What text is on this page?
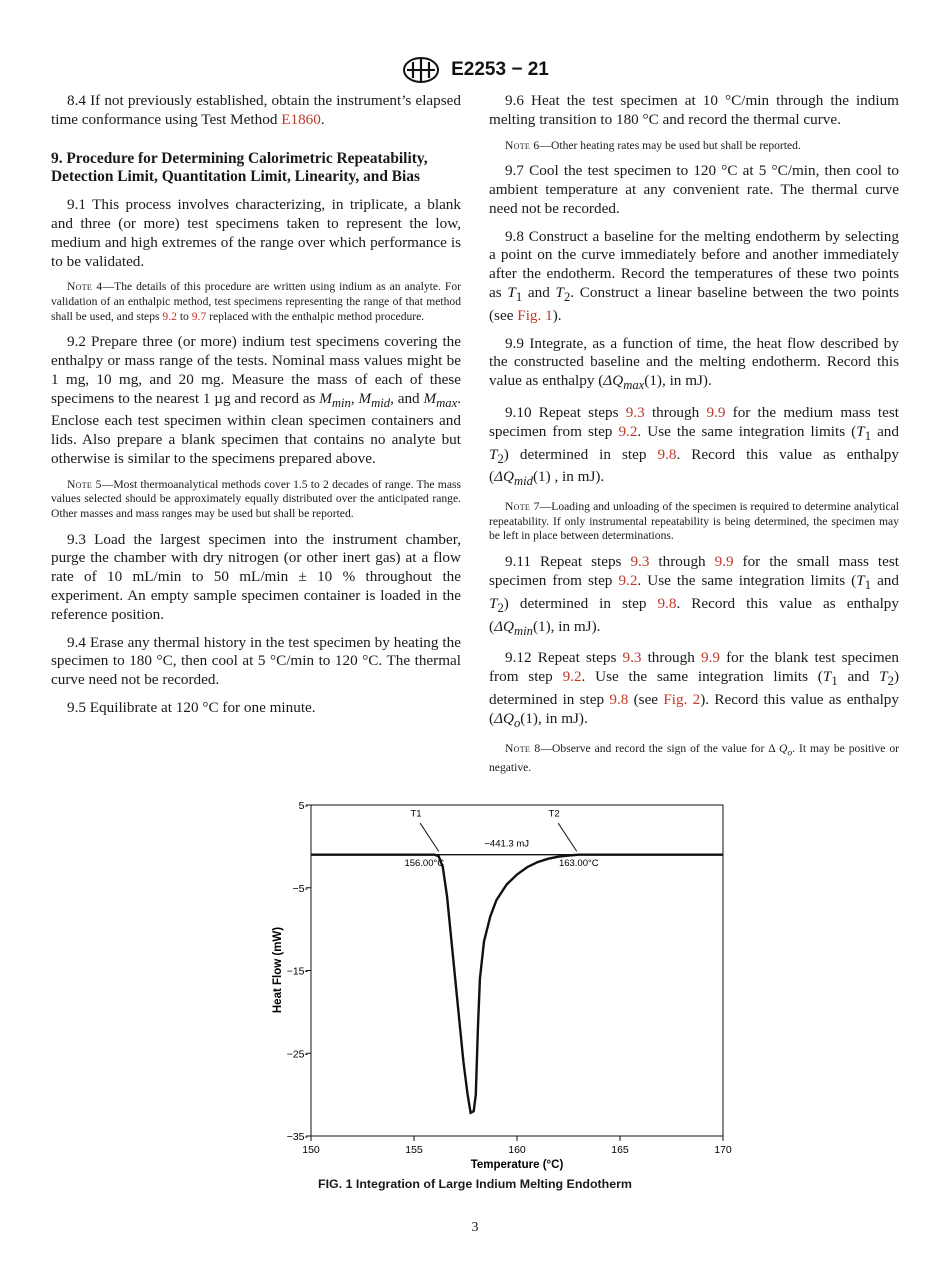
E2253 − 21

8.4 If not previously established, obtain the instrument’s elapsed time conformance using Test Method E1860.

9. Procedure for Determining Calorimetric Repeatability, Detection Limit, Quantitation Limit, Linearity, and Bias

9.1 This process involves characterizing, in triplicate, a blank and three (or more) test specimens taken to represent the low, medium and high extremes of the range over which performance is to be validated.

Note 4—The details of this procedure are written using indium as an analyte. For validation of an enthalpic method, test specimens representing the range of that method shall be used, and steps 9.2 to 9.7 replaced with the enthalpic method procedure.

9.2 Prepare three (or more) indium test specimens covering the enthalpy or mass range of the tests. Nominal mass values might be 1 mg, 10 mg, and 20 mg. Measure the mass of each of these specimens to the nearest 1 µg and record as $M_{min}$, $M_{mid}$, and $M_{max}$. Enclose each test specimen within clean specimen containers and lids. Also prepare a blank specimen that contains no analyte but otherwise is similar to the specimens prepared above.

Note 5—Most thermoanalytical methods cover 1.5 to 2 decades of range. The mass values selected should be approximately equally distributed over the anticipated range. Other masses and mass ranges may be used but shall be reported.

9.3 Load the largest specimen into the instrument chamber, purge the chamber with dry nitrogen (or other inert gas) at a flow rate of 10 mL/min to 50 mL/min ± 10 % throughout the experiment. An empty sample specimen container is loaded in the reference position.

9.4 Erase any thermal history in the test specimen by heating the specimen to 180 °C, then cool at 5 °C/min to 120 °C. The thermal curve need not be recorded.

9.5 Equilibrate at 120 °C for one minute.

9.6 Heat the test specimen at 10 °C/min through the indium melting transition to 180 °C and record the thermal curve.

Note 6—Other heating rates may be used but shall be reported.

9.7 Cool the test specimen to 120 °C at 5 °C/min, then cool to ambient temperature at any convenient rate. The thermal curve need not be recorded.

9.8 Construct a baseline for the melting endotherm by selecting a point on the curve immediately before and another immediately after the endotherm. Record the temperatures of these two points as $T_1$ and $T_2$. Construct a linear baseline between the two points (see Fig. 1).

9.9 Integrate, as a function of time, the heat flow described by the constructed baseline and the melting endotherm. Record this value as enthalpy ($\Delta Q_{max}(1)$, in mJ).

9.10 Repeat steps 9.3 through 9.9 for the medium mass test specimen from step 9.2. Use the same integration limits ($T_1$ and $T_2$) determined in step 9.8. Record this value as enthalpy ($\Delta Q_{mid}(1)$ , in mJ).

Note 7—Loading and unloading of the specimen is required to determine analytical repeatability. If only instrumental repeatability is being determined, the specimen may be left in place between determinations.

9.11 Repeat steps 9.3 through 9.9 for the small mass test specimen from step 9.2. Use the same integration limits ($T_1$ and $T_2$) determined in step 9.8. Record this value as enthalpy ($\Delta Q_{min}(1)$, in mJ).

9.12 Repeat steps 9.3 through 9.9 for the blank test specimen from step 9.2. Use the same integration limits ($T_1$ and $T_2$) determined in step 9.8 (see Fig. 2). Record this value as enthalpy ($\Delta Q_o(1)$, in mJ).

Note 8—Observe and record the sign of the value for Δ $Q_o$. It may be positive or negative.

5-
−5-
−15-
−25-
−35-
150	155	160	165	170
T1	T2
−441.3 mJ
156.00°C	163.00°C
Temperature (°C)
Heat Flow (mW)
FIG. 1 Integration of Large Indium Melting Endotherm
3
